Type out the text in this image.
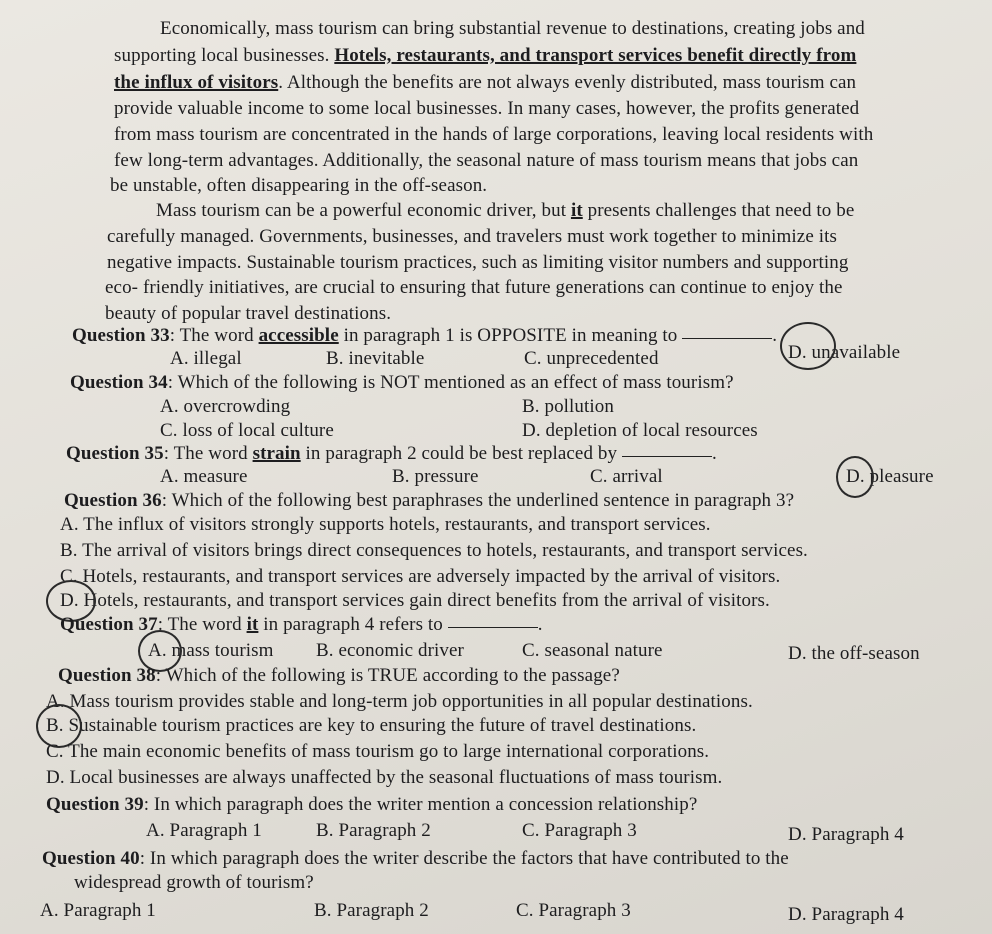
Economically, mass tourism can bring substantial revenue to destinations, creating jobs and
supporting local businesses. Hotels, restaurants, and transport services benefit directly from
the influx of visitors. Although the benefits are not always evenly distributed, mass tourism can
provide valuable income to some local businesses. In many cases, however, the profits generated
from mass tourism are concentrated in the hands of large corporations, leaving local residents with
few long-term advantages. Additionally, the seasonal nature of mass tourism means that jobs can
be unstable, often disappearing in the off-season.
Mass tourism can be a powerful economic driver, but it presents challenges that need to be
carefully managed. Governments, businesses, and travelers must work together to minimize its
negative impacts. Sustainable tourism practices, such as limiting visitor numbers and supporting
eco- friendly initiatives, are crucial to ensuring that future generations can continue to enjoy the
beauty of popular travel destinations.
Question 33: The word accessible in paragraph 1 is OPPOSITE in meaning to	.
A. illegal	B. inevitable	C. unprecedented	D. unavailable
Question 34: Which of the following is NOT mentioned as an effect of mass tourism?
A. overcrowding	B. pollution
C. loss of local culture	D. depletion of local resources
Question 35: The word strain in paragraph 2 could be best replaced by	.
A. measure	B. pressure	C. arrival	D. pleasure
Question 36: Which of the following best paraphrases the underlined sentence in paragraph 3?
A. The influx of visitors strongly supports hotels, restaurants, and transport services.
B. The arrival of visitors brings direct consequences to hotels, restaurants, and transport services.
C. Hotels, restaurants, and transport services are adversely impacted by the arrival of visitors.
D. Hotels, restaurants, and transport services gain direct benefits from the arrival of visitors.
Question 37: The word it in paragraph 4 refers to	.
A. mass tourism B. economic driver	C. seasonal nature	D. the off-season
Question 38: Which of the following is TRUE according to the passage?
A. Mass tourism provides stable and long-term job opportunities in all popular destinations.
B. Sustainable tourism practices are key to ensuring the future of travel destinations.
C. The main economic benefits of mass tourism go to large international corporations.
D. Local businesses are always unaffected by the seasonal fluctuations of mass tourism.
Question 39: In which paragraph does the writer mention a concession relationship?
A. Paragraph 1	B. Paragraph 2	C. Paragraph 3	D. Paragraph 4
Question 40: In which paragraph does the writer describe the factors that have contributed to the
widespread growth of tourism?
A. Paragraph 1	B. Paragraph 2	C. Paragraph 3	D. Paragraph 4
